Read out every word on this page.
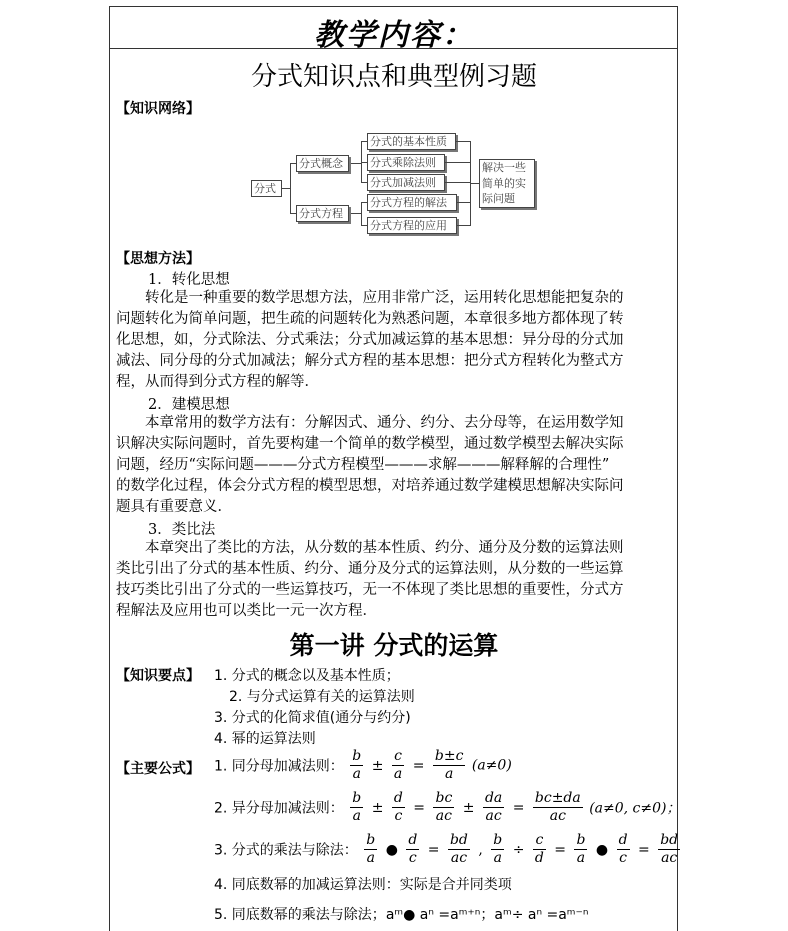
教学内容：
分式知识点和典型例习题
【知识网络】
分式
分式概念
分式方程
分式的基本性质
分式乘除法则
分式加减法则
分式方程的解法
分式方程的应用
解决一些
简单的实
际问题
【思想方法】
1．转化思想
　　转化是一种重要的数学思想方法，应用非常广泛，运用转化思想能把复杂的
问题转化为简单问题，把生疏的问题转化为熟悉问题，本章很多地方都体现了转
化思想，如，分式除法、分式乘法；分式加减运算的基本思想：异分母的分式加
减法、同分母的分式加减法；解分式方程的基本思想：把分式方程转化为整式方
程，从而得到分式方程的解等．
2．建模思想
　　本章常用的数学方法有：分解因式、通分、约分、去分母等，在运用数学知
识解决实际问题时，首先要构建一个简单的数学模型，通过数学模型去解决实际
问题，经历“实际问题———分式方程模型———求解———解释解的合理性”
的数学化过程，体会分式方程的模型思想，对培养通过数学建模思想解决实际问
题具有重要意义．
3．类比法
　　本章突出了类比的方法，从分数的基本性质、约分、通分及分数的运算法则
类比引出了分式的基本性质、约分、通分及分式的运算法则，从分数的一些运算
技巧类比引出了分式的一些运算技巧，无一不体现了类比思想的重要性，分式方
程解法及应用也可以类比一元一次方程．
第一讲 分式的运算
【知识要点】 1. 分式的概念以及基本性质；
2. 与分式运算有关的运算法则
3. 分式的化简求值(通分与约分)
4. 幂的运算法则
【主要公式】 1. 同分母加减法则： $\frac{b}{a} \pm \frac{c}{a} = \frac{b\pm c}{a} (a\ne 0)$
2. 异分母加减法则： $\frac{b}{a} \pm \frac{d}{c} = \frac{bc}{ac} \pm \frac{da}{ac} = \frac{bc\pm da}{ac} (a\ne 0$, c≠0)；
3. 分式的乘法与除法： $\frac{b}{a}$ ● $\frac{d}{c} = \frac{bd}{ac}$ , $\frac{b}{a} \div \frac{c}{d} = \frac{b}{a}$ ● $\frac{d}{c} = \frac{bd}{ac}$
4. 同底数幂的加减运算法则：实际是合并同类项
5. 同底数幂的乘法与除法；aᵐ● aⁿ =aᵐ⁺ⁿ；aᵐ÷ aⁿ =aᵐ⁻ⁿ
